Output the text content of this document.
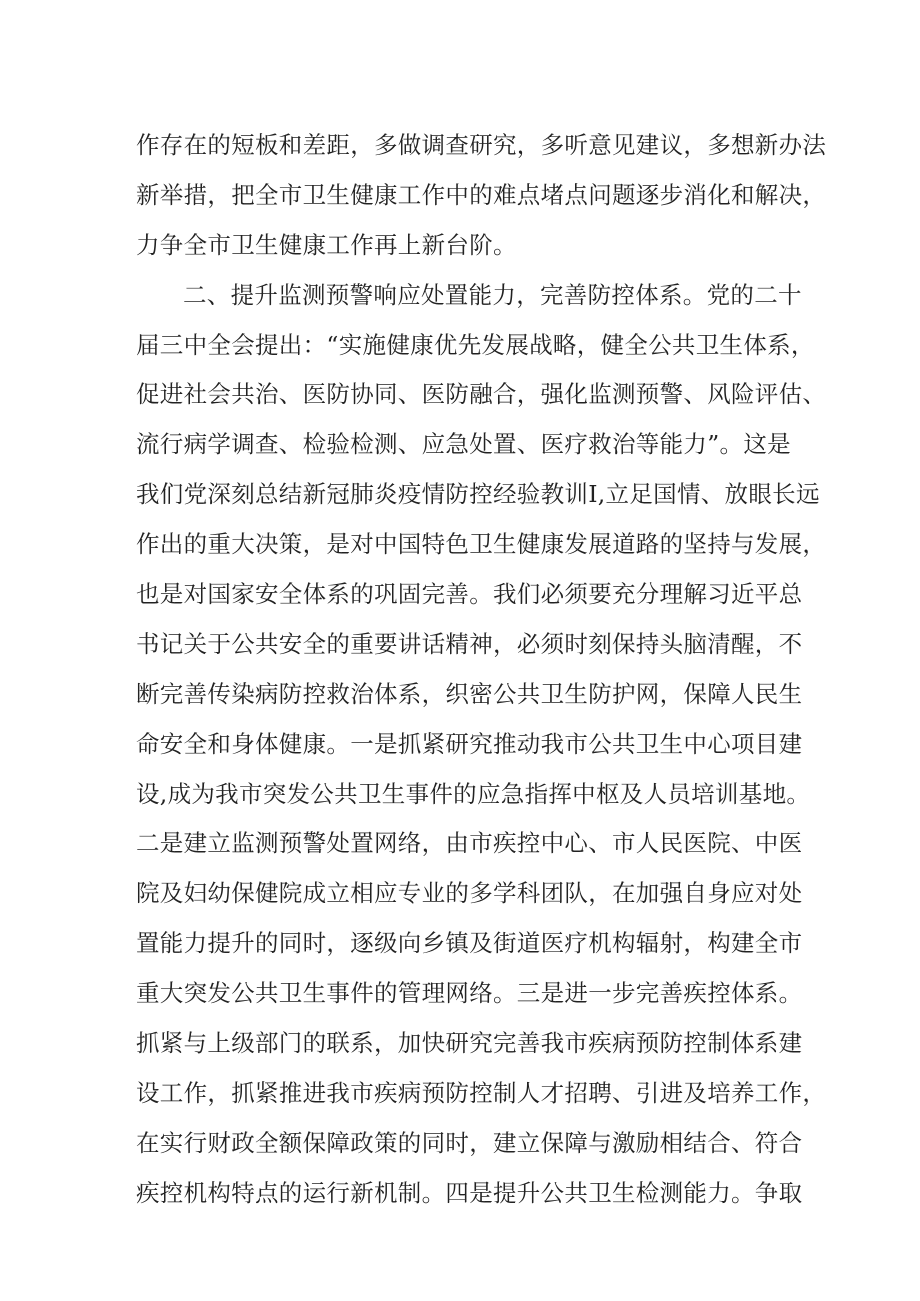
作存在的短板和差距，多做调查研究，多听意见建议，多想新办法
新举措，把全市卫生健康工作中的难点堵点问题逐步消化和解决，
力争全市卫生健康工作再上新台阶。
二、提升监测预警响应处置能力，完善防控体系。党的二十
届三中全会提出：“实施健康优先发展战略，健全公共卫生体系，
促进社会共治、医防协同、医防融合，强化监测预警、风险评估、
流行病学调查、检验检测、应急处置、医疗救治等能力”。这是
我们党深刻总结新冠肺炎疫情防控经验教训I,立足国情、放眼长远
作出的重大决策，是对中国特色卫生健康发展道路的坚持与发展，
也是对国家安全体系的巩固完善。我们必须要充分理解习近平总
书记关于公共安全的重要讲话精神，必须时刻保持头脑清醒，不
断完善传染病防控救治体系，织密公共卫生防护网，保障人民生
命安全和身体健康。一是抓紧研究推动我市公共卫生中心项目建
设,成为我市突发公共卫生事件的应急指挥中枢及人员培训基地。
二是建立监测预警处置网络，由市疾控中心、市人民医院、中医
院及妇幼保健院成立相应专业的多学科团队，在加强自身应对处
置能力提升的同时，逐级向乡镇及街道医疗机构辐射，构建全市
重大突发公共卫生事件的管理网络。三是进一步完善疾控体系。
抓紧与上级部门的联系，加快研究完善我市疾病预防控制体系建
设工作，抓紧推进我市疾病预防控制人才招聘、引进及培养工作，
在实行财政全额保障政策的同时，建立保障与激励相结合、符合
疾控机构特点的运行新机制。四是提升公共卫生检测能力。争取
